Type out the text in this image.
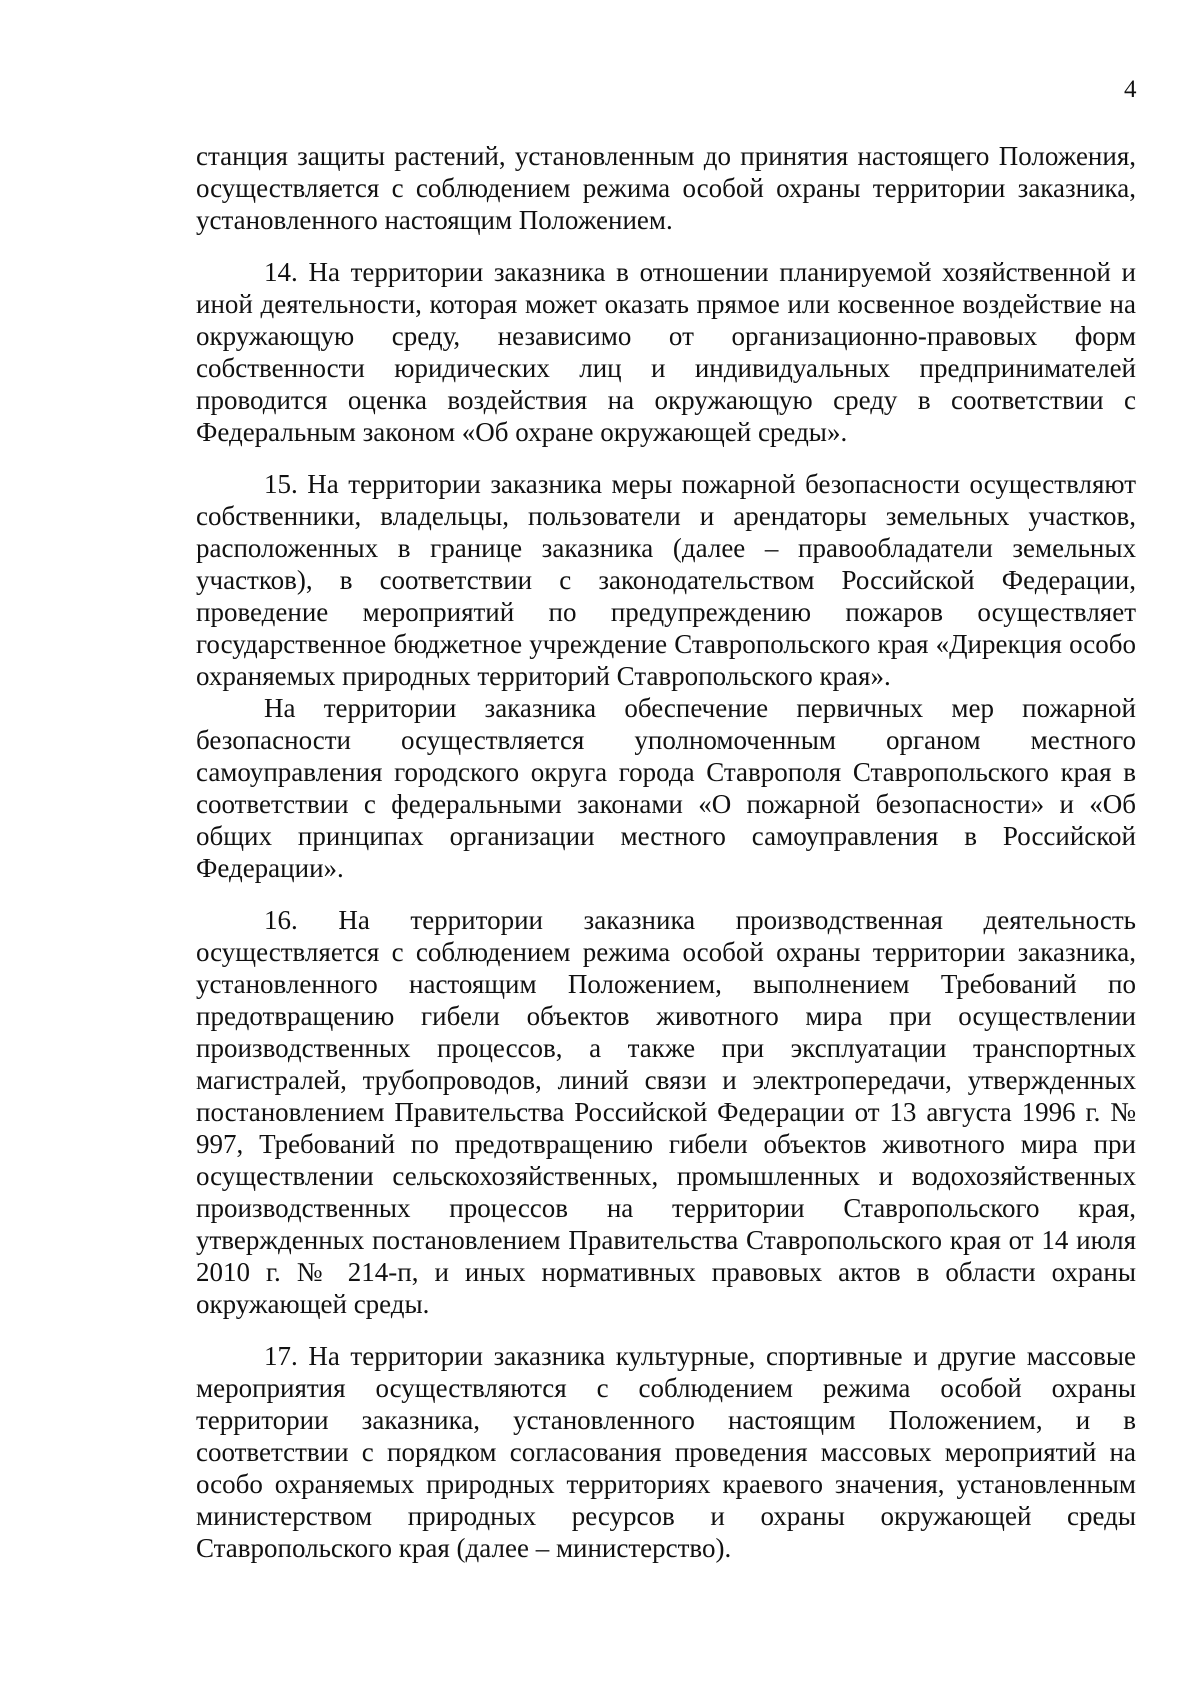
4

станция защиты растений, установленным до принятия настоящего Положения, осуществляется с соблюдением режима особой охраны территории заказника, установленного настоящим Положением.

14. На территории заказника в отношении планируемой хозяйственной и иной деятельности, которая может оказать прямое или косвенное воздействие на окружающую среду, независимо от организационно-правовых форм собственности юридических лиц и индивидуальных предпринимателей проводится оценка воздействия на окружающую среду в соответствии с Федеральным законом «Об охране окружающей среды».

15. На территории заказника меры пожарной безопасности осуществляют собственники, владельцы, пользователи и арендаторы земельных участков, расположенных в границе заказника (далее – правообладатели земельных участков), в соответствии с законодательством Российской Федерации, проведение мероприятий по предупреждению пожаров осуществляет государственное бюджетное учреждение Ставропольского края «Дирекция особо охраняемых природных территорий Ставропольского края».

На территории заказника обеспечение первичных мер пожарной безопасности осуществляется уполномоченным органом местного самоуправления городского округа города Ставрополя Ставропольского края в соответствии с федеральными законами «О пожарной безопасности» и «Об общих принципах организации местного самоуправления в Российской Федерации».

16. На территории заказника производственная деятельность осуществляется с соблюдением режима особой охраны территории заказника, установленного настоящим Положением, выполнением Требований по предотвращению гибели объектов животного мира при осуществлении производственных процессов, а также при эксплуатации транспортных магистралей, трубопроводов, линий связи и электропередачи, утвержденных постановлением Правительства Российской Федерации от 13 августа 1996 г. № 997, Требований по предотвращению гибели объектов животного мира при осуществлении сельскохозяйственных, промышленных и водохозяйственных производственных процессов на территории Ставропольского края, утвержденных постановлением Правительства Ставропольского края от 14 июля 2010 г. № 214-п, и иных нормативных правовых актов в области охраны окружающей среды.

17. На территории заказника культурные, спортивные и другие массовые мероприятия осуществляются с соблюдением режима особой охраны территории заказника, установленного настоящим Положением, и в соответствии с порядком согласования проведения массовых мероприятий на особо охраняемых природных территориях краевого значения, установленным министерством природных ресурсов и охраны окружающей среды Ставропольского края (далее – министерство).
